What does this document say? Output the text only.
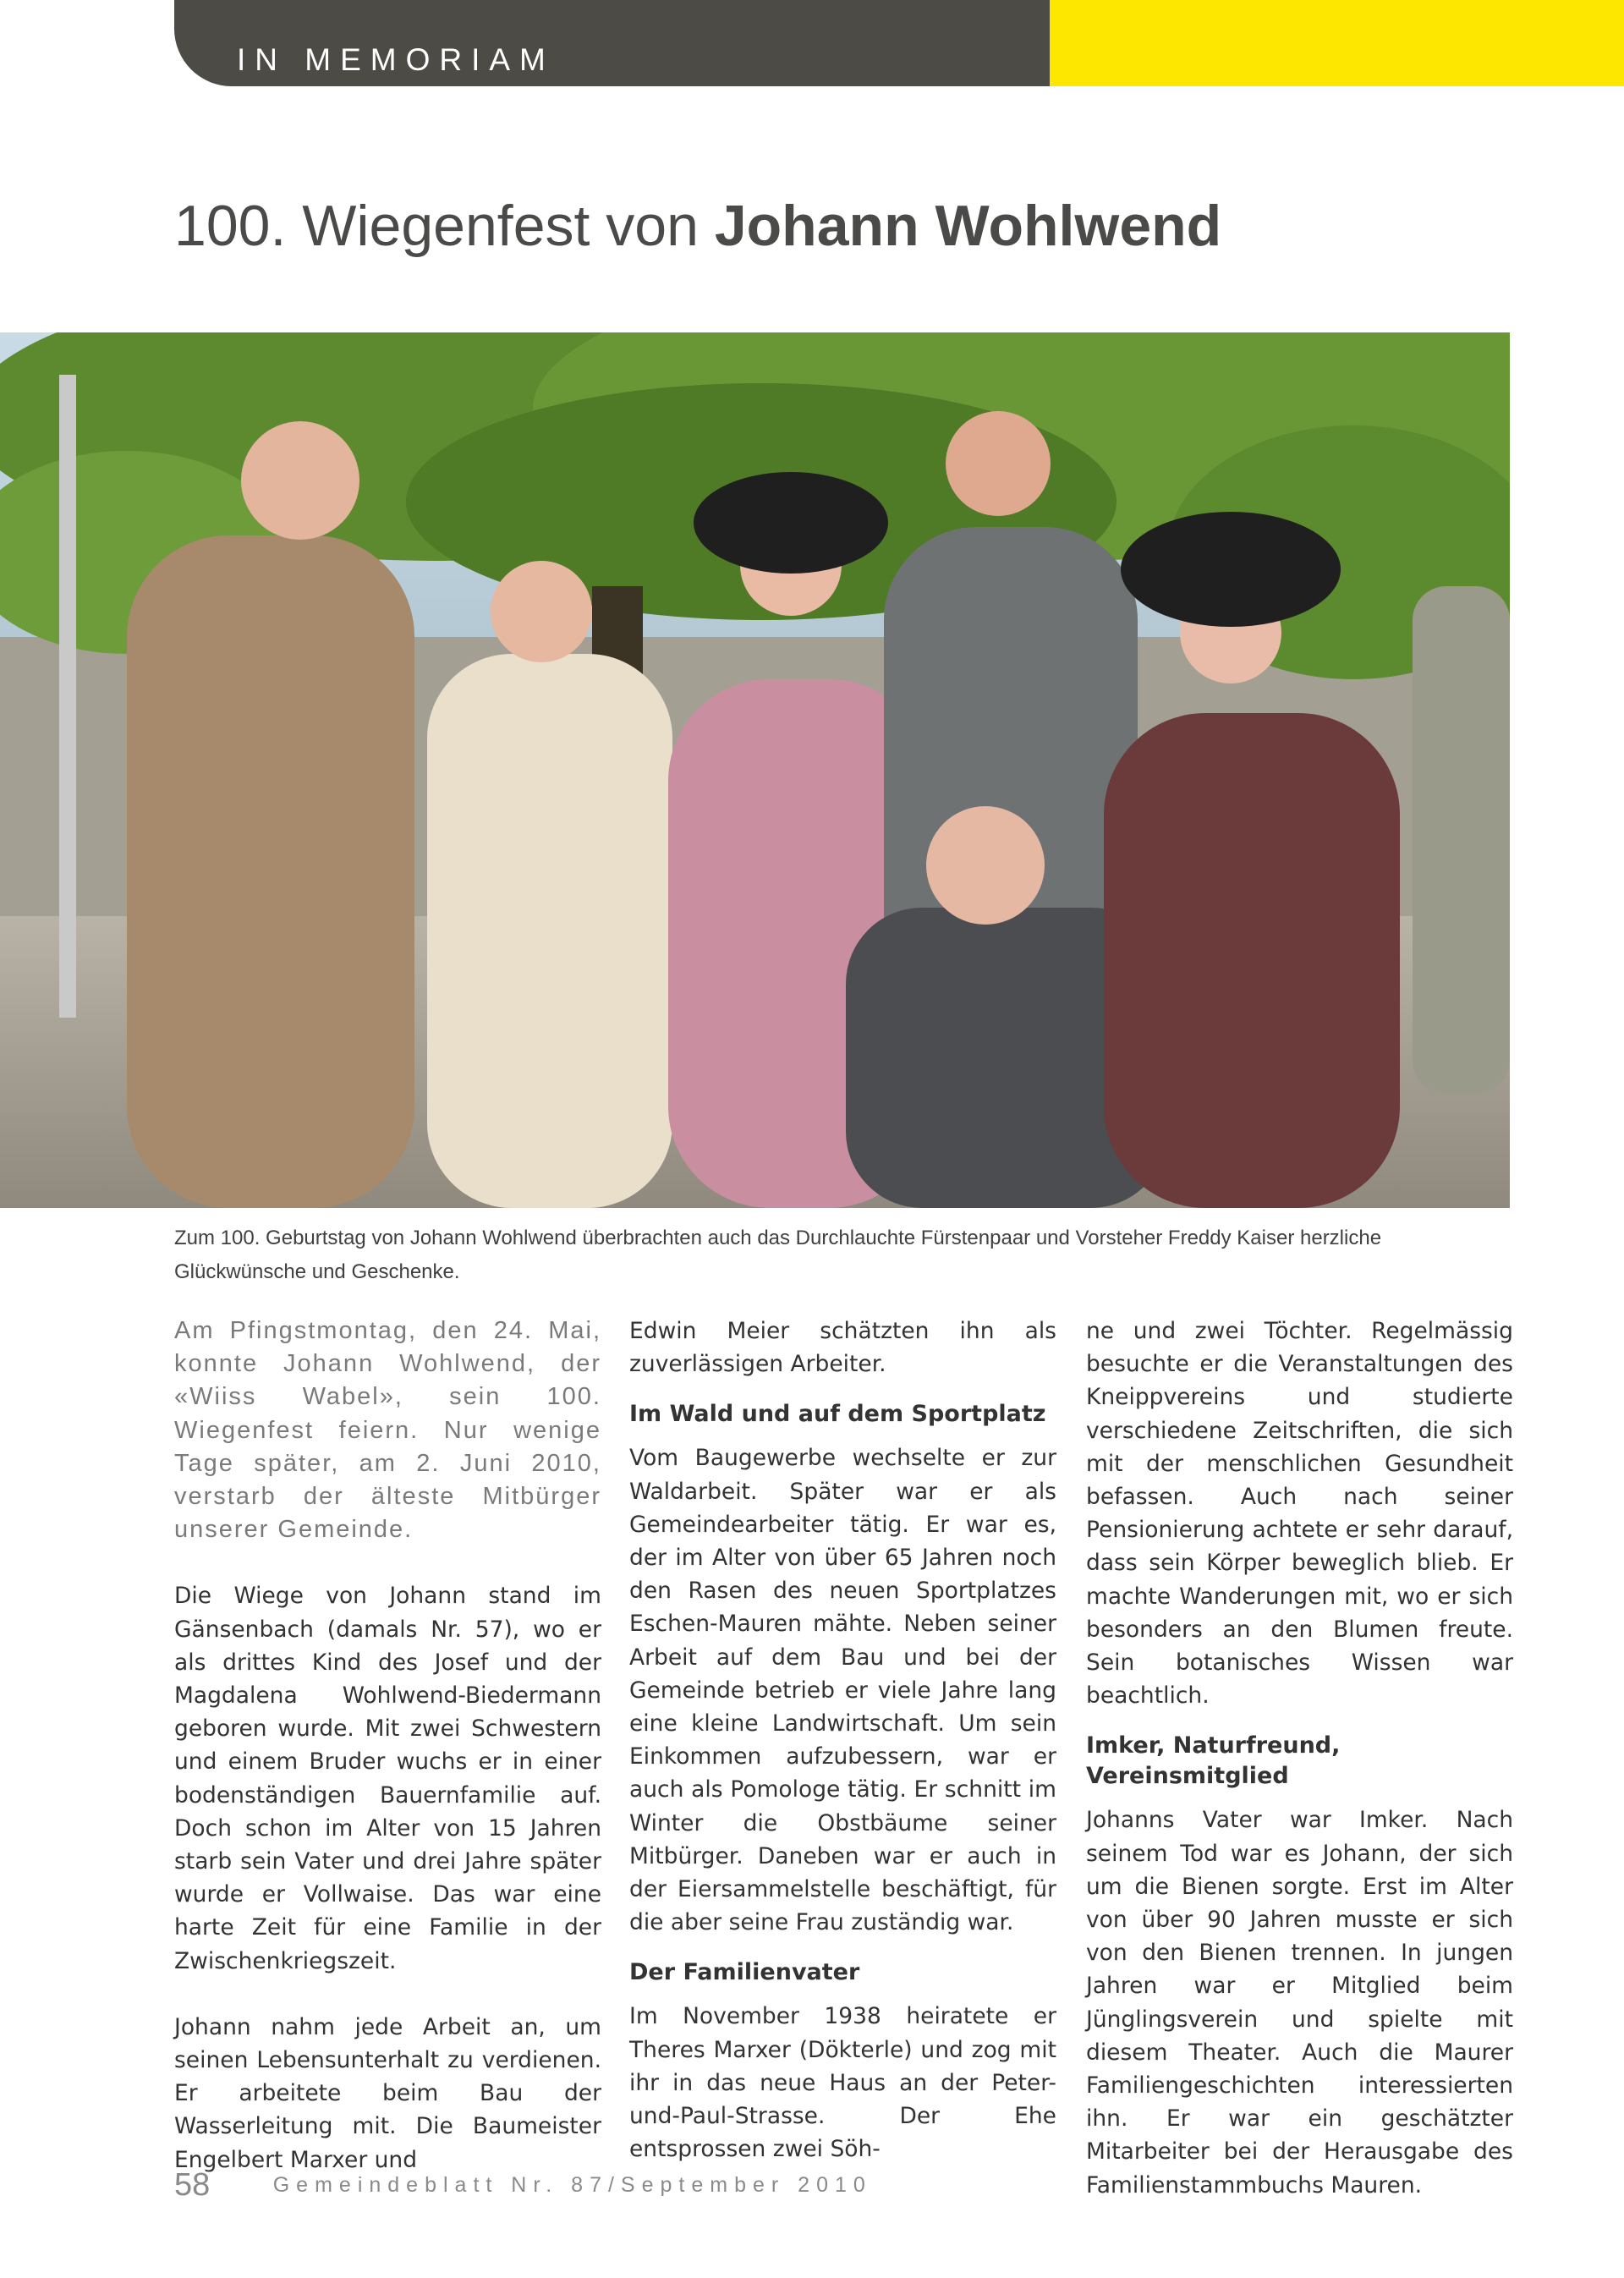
IN MEMORIAM
100. Wiegenfest von Johann Wohlwend
Zum 100. Geburtstag von Johann Wohlwend überbrachten auch das Durchlauchte Fürstenpaar und Vorsteher Freddy Kaiser herzliche Glückwünsche und Geschenke.

Am Pfingstmontag, den 24. Mai, konnte Johann Wohlwend, der «Wiiss Wabel», sein 100. Wiegenfest feiern. Nur wenige Tage später, am 2. Juni 2010, verstarb der älteste Mitbürger unserer Gemeinde.

Die Wiege von Johann stand im Gänsenbach (damals Nr. 57), wo er als drittes Kind des Josef und der Magdalena Wohlwend-Biedermann geboren wurde. Mit zwei Schwestern und einem Bruder wuchs er in einer bodenständigen Bauernfamilie auf. Doch schon im Alter von 15 Jahren starb sein Vater und drei Jahre später wurde er Vollwaise. Das war eine harte Zeit für eine Familie in der Zwischenkriegszeit.

Johann nahm jede Arbeit an, um seinen Lebensunterhalt zu verdienen. Er arbeitete beim Bau der Wasserleitung mit. Die Baumeister Engelbert Marxer und

Edwin Meier schätzten ihn als zuverlässigen Arbeiter.

Im Wald und auf dem Sportplatz

Vom Baugewerbe wechselte er zur Waldarbeit. Später war er als Gemeindearbeiter tätig. Er war es, der im Alter von über 65 Jahren noch den Rasen des neuen Sportplatzes Eschen-Mauren mähte. Neben seiner Arbeit auf dem Bau und bei der Gemeinde betrieb er viele Jahre lang eine kleine Landwirtschaft. Um sein Einkommen aufzubessern, war er auch als Pomologe tätig. Er schnitt im Winter die Obstbäume seiner Mitbürger. Daneben war er auch in der Eiersammelstelle beschäftigt, für die aber seine Frau zuständig war.

Der Familienvater

Im November 1938 heiratete er Theres Marxer (Dökterle) und zog mit ihr in das neue Haus an der Peter- und-Paul-Strasse. Der Ehe entsprossen zwei Söh-

ne und zwei Töchter. Regelmässig besuchte er die Veranstaltungen des Kneippvereins und studierte verschiedene Zeitschriften, die sich mit der menschlichen Gesundheit befassen. Auch nach seiner Pensionierung achtete er sehr darauf, dass sein Körper beweglich blieb. Er machte Wanderungen mit, wo er sich besonders an den Blumen freute. Sein botanisches Wissen war beachtlich.

Imker, Naturfreund, Vereinsmitglied

Johanns Vater war Imker. Nach seinem Tod war es Johann, der sich um die Bienen sorgte. Erst im Alter von über 90 Jahren musste er sich von den Bienen trennen. In jungen Jahren war er Mitglied beim Jünglingsverein und spielte mit diesem Theater. Auch die Maurer Familiengeschichten interessierten ihn. Er war ein geschätzter Mitarbeiter bei der Herausgabe des Familienstammbuchs Mauren.

58	Gemeindeblatt Nr. 87/September 2010
